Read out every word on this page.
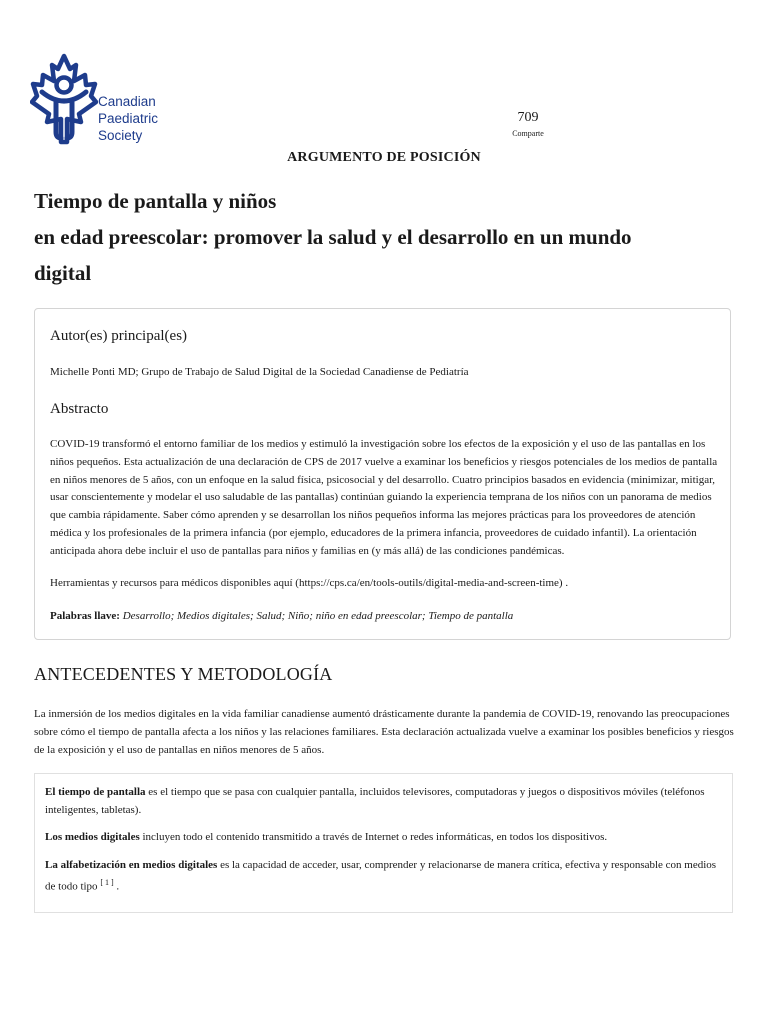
Canadian
Paediatric
Society
709
Comparte
ARGUMENTO DE POSICIÓN
Tiempo de pantalla y niños
en edad preescolar: promover la salud y el desarrollo en un mundo
digital
Autor(es) principal(es)
Michelle Ponti MD; Grupo de Trabajo de Salud Digital de la Sociedad Canadiense de Pediatría
Abstracto
COVID-19 transformó el entorno familiar de los medios y estimuló la investigación sobre los efectos de la exposición y el uso de las pantallas en los niños pequeños. Esta actualización de una declaración de CPS de 2017 vuelve a examinar los beneficios y riesgos potenciales de los medios de pantalla en niños menores de 5 años, con un enfoque en la salud física, psicosocial y del desarrollo. Cuatro principios basados en evidencia (minimizar, mitigar, usar conscientemente y modelar el uso saludable de las pantallas) continúan guiando la experiencia temprana de los niños con un panorama de medios que cambia rápidamente. Saber cómo aprenden y se desarrollan los niños pequeños informa las mejores prácticas para los proveedores de atención médica y los profesionales de la primera infancia (por ejemplo, educadores de la primera infancia, proveedores de cuidado infantil). La orientación anticipada ahora debe incluir el uso de pantallas para niños y familias en (y más allá) de las condiciones pandémicas.
Herramientas y recursos para médicos disponibles aquí (https://cps.ca/en/tools-outils/digital-media-and-screen-time) .
Palabras llave: Desarrollo; Medios digitales; Salud; Niño; niño en edad preescolar; Tiempo de pantalla
ANTECEDENTES Y METODOLOGÍA
La inmersión de los medios digitales en la vida familiar canadiense aumentó drásticamente durante la pandemia de COVID-19, renovando las preocupaciones sobre cómo el tiempo de pantalla afecta a los niños y las relaciones familiares. Esta declaración actualizada vuelve a examinar los posibles beneficios y riesgos de la exposición y el uso de pantallas en niños menores de 5 años.
El tiempo de pantalla es el tiempo que se pasa con cualquier pantalla, incluidos televisores, computadoras y juegos o dispositivos móviles (teléfonos inteligentes, tabletas).
Los medios digitales incluyen todo el contenido transmitido a través de Internet o redes informáticas, en todos los dispositivos.
La alfabetización en medios digitales es la capacidad de acceder, usar, comprender y relacionarse de manera crítica, efectiva y responsable con medios de todo tipo [ 1 ] .
